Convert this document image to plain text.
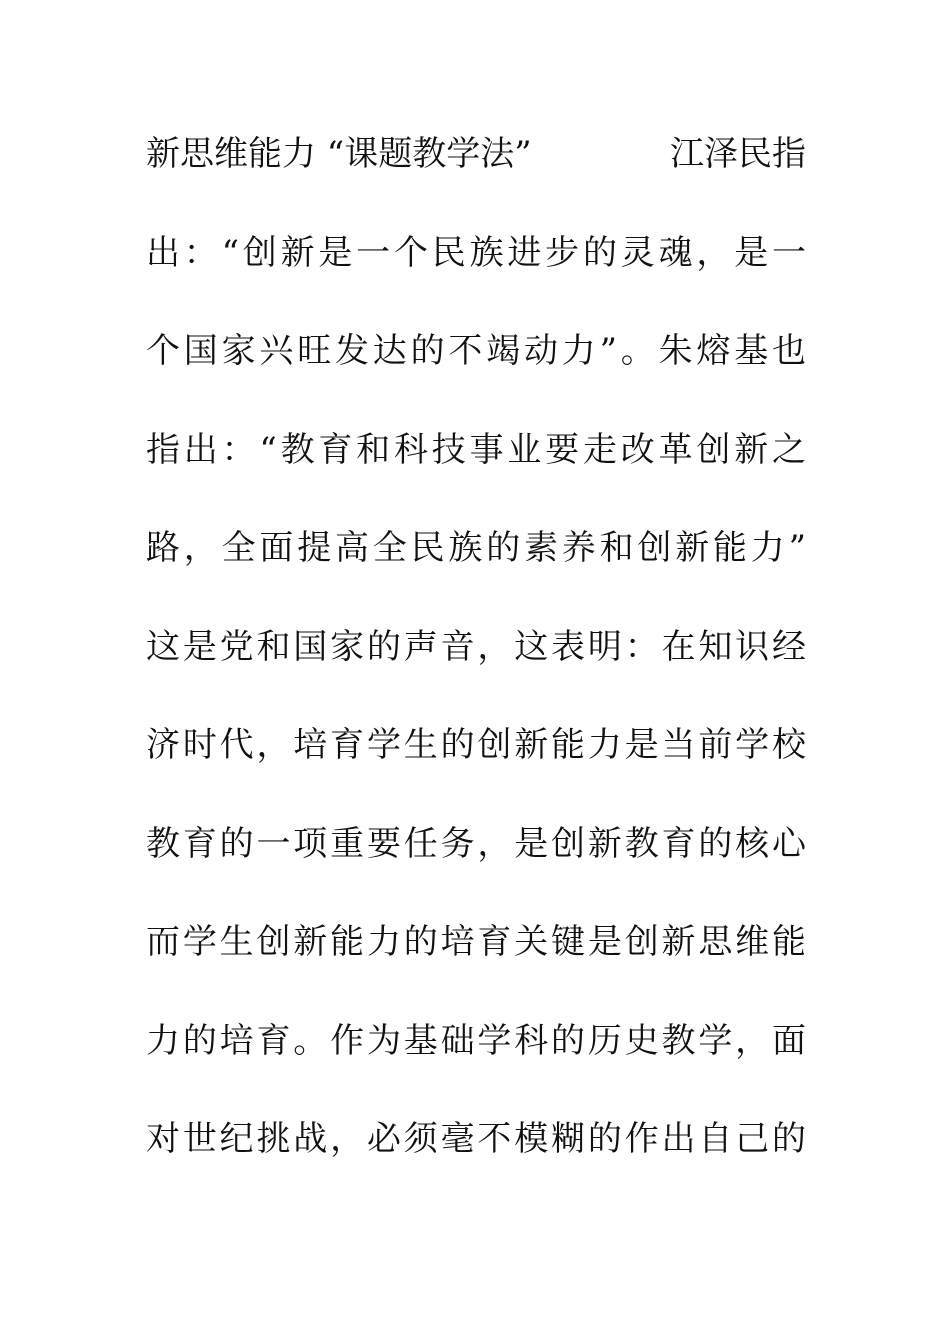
新思维能力 “课题教学法”	江泽民指
出：“创新是一个民族进步的灵魂，是一
个国家兴旺发达的不竭动力”。朱熔基也
指出：“教育和科技事业要走改革创新之
路，全面提高全民族的素养和创新能力”
这是党和国家的声音，这表明：在知识经
济时代，培育学生的创新能力是当前学校
教育的一项重要任务，是创新教育的核心
而学生创新能力的培育关键是创新思维能
力的培育。作为基础学科的历史教学，面
对世纪挑战，必须毫不模糊的作出自己的
